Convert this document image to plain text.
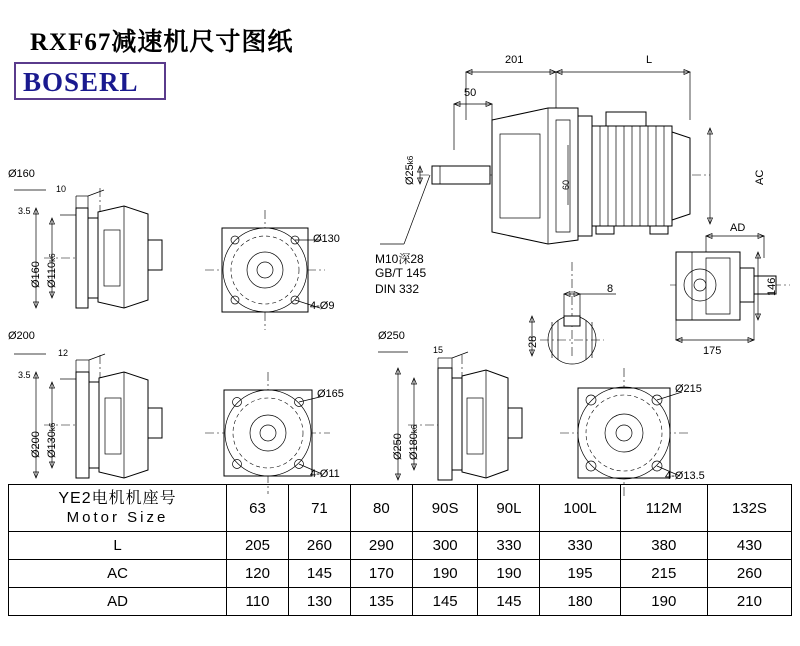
RXF67减速机尺寸图纸
BOSERL
201	L
50
Ø25k6
60	AC
M10深28
GB/T 145
DIN 332	8
28
AD
146
175
Ø160
10
3.5
Ø160 Ø110k6
Ø130
4-Ø9
Ø200
12
3.5
Ø200 Ø130k6
Ø165
4-Ø11
Ø250
15
Ø250 Ø180k6
Ø215
4-Ø13.5
YE2电机机座号
Motor Size	63	71	80	90S	90L	100L	112M	132S
L	205	260	290	300	330	330	380	430
AC	120	145	170	190	190	195	215	260
AD	110	130	135	145	145	180	190	210
